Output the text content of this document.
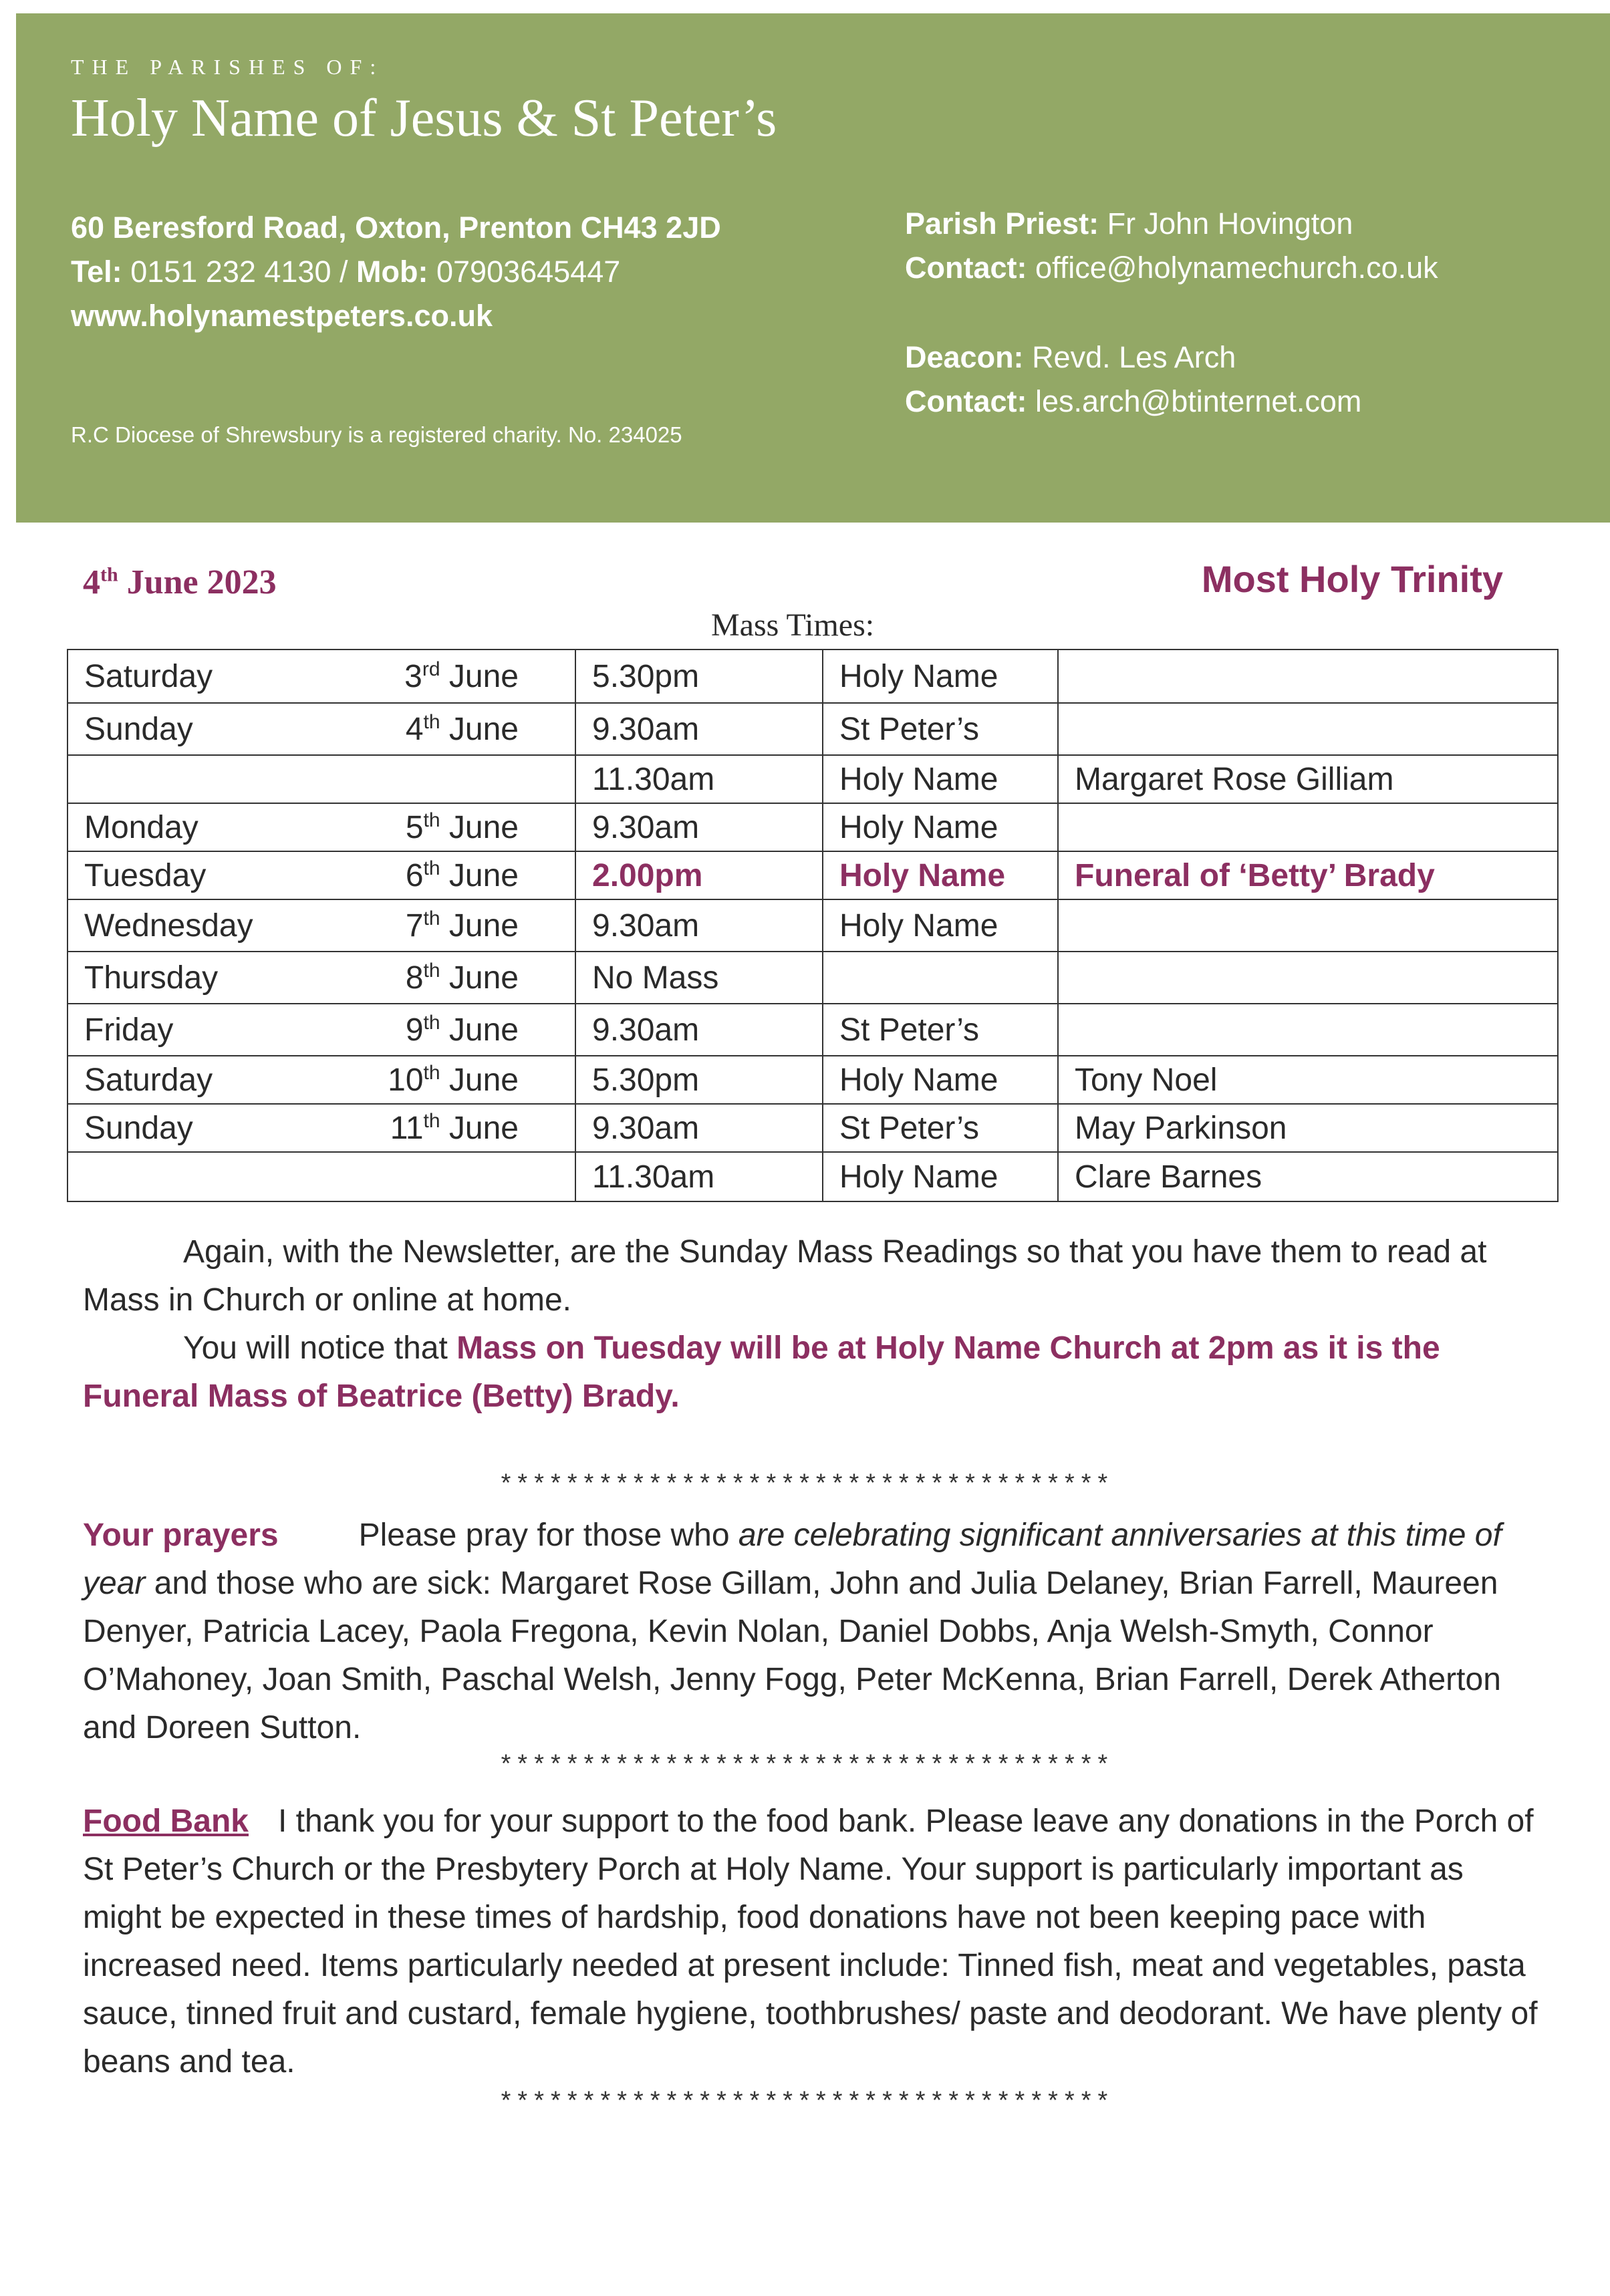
THE PARISHES OF:
Holy Name of Jesus & St Peter’s
60 Beresford Road, Oxton, Prenton CH43 2JD
Tel: 0151 232 4130 / Mob: 07903645447
www.holynamestpeters.co.uk
R.C Diocese of Shrewsbury is a registered charity. No. 234025
Parish Priest: Fr John Hovington
Contact: office@holynamechurch.co.uk
Deacon: Revd. Les Arch
Contact: les.arch@btinternet.com
4th June 2023	Most Holy Trinity
Mass Times:
Saturday	3rd June	5.30pm	Holy Name	
Sunday	4th June	9.30am	St Peter’s	
		11.30am	Holy Name	Margaret Rose Gilliam
Monday	5th June	9.30am	Holy Name	
Tuesday	6th June	2.00pm	Holy Name	Funeral of ‘Betty’ Brady
Wednesday	7th June	9.30am	Holy Name	
Thursday	8th June	No Mass		
Friday	9th June	9.30am	St Peter’s	
Saturday	10th June	5.30pm	Holy Name	Tony Noel
Sunday	11th June	9.30am	St Peter’s	May Parkinson
		11.30am	Holy Name	Clare Barnes
Again, with the Newsletter, are the Sunday Mass Readings so that you have them to read at Mass in Church or online at home.
You will notice that Mass on Tuesday will be at Holy Name Church at 2pm as it is the Funeral Mass of Beatrice (Betty) Brady.
*************************************
Your prayers	Please pray for those who are celebrating significant anniversaries at this time of year and those who are sick: Margaret Rose Gillam, John and Julia Delaney, Brian Farrell, Maureen Denyer, Patricia Lacey, Paola Fregona, Kevin Nolan, Daniel Dobbs, Anja Welsh-Smyth, Connor O’Mahoney, Joan Smith, Paschal Welsh, Jenny Fogg, Peter McKenna, Brian Farrell, Derek Atherton and Doreen Sutton.
*************************************
Food Bank I thank you for your support to the food bank. Please leave any donations in the Porch of St Peter’s Church or the Presbytery Porch at Holy Name. Your support is particularly important as might be expected in these times of hardship, food donations have not been keeping pace with increased need. Items particularly needed at present include: Tinned fish, meat and vegetables, pasta sauce, tinned fruit and custard, female hygiene, toothbrushes/ paste and deodorant. We have plenty of beans and tea.
*************************************
